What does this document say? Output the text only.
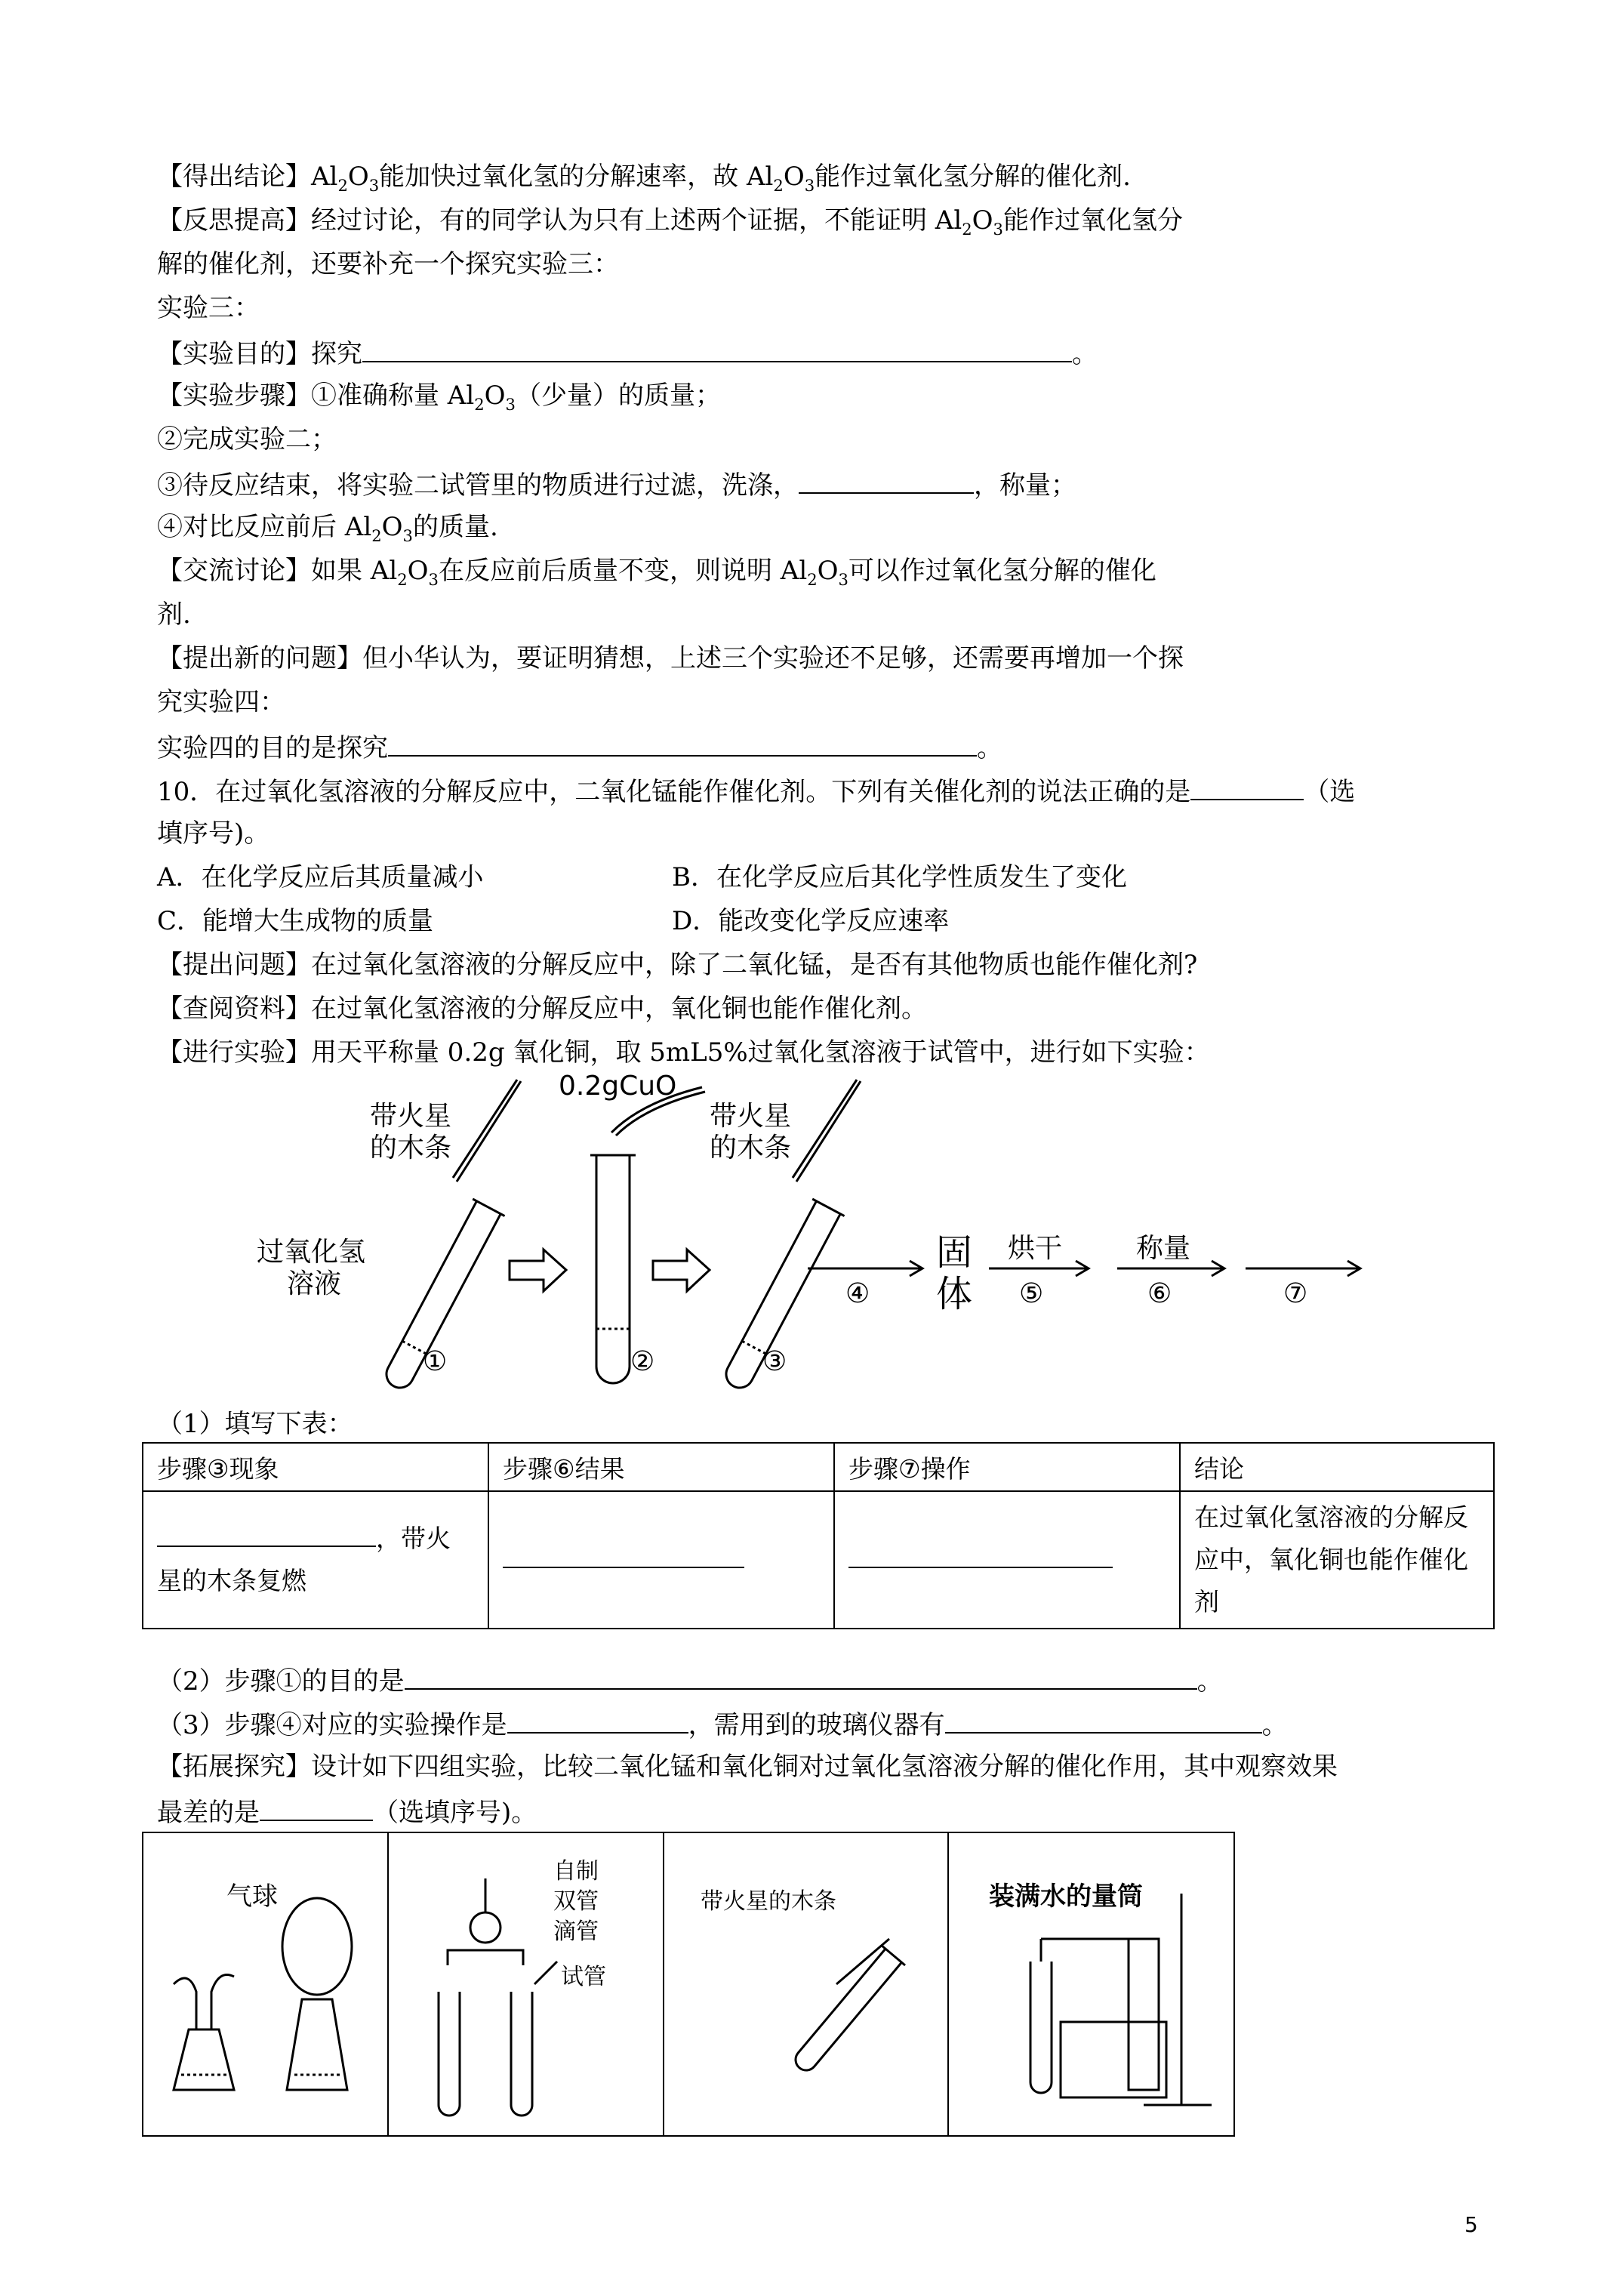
【得出结论】$Al_2O_3$能加快过氧化氢的分解速率，故 $Al_2O_3$能作过氧化氢分解的催化剂.
【反思提高】经过讨论，有的同学认为只有上述两个证据，不能证明 $Al_2O_3$能作过氧化氢分
解的催化剂，还要补充一个探究实验三：
实验三：
【实验目的】探究	。
【实验步骤】①准确称量 $Al_2O_3$（少量）的质量；
②完成实验二；
③待反应结束，将实验二试管里的物质进行过滤，洗涤，	，称量；
④对比反应前后 $Al_2O_3$的质量.
【交流讨论】如果 $Al_2O_3$在反应前后质量不变，则说明 $Al_2O_3$可以作过氧化氢分解的催化
剂.
【提出新的问题】但小华认为，要证明猜想，上述三个实验还不足够，还需要再增加一个探
究实验四：
实验四的目的是探究	。
10．在过氧化氢溶液的分解反应中，二氧化锰能作催化剂。下列有关催化剂的说法正确的是	（选
填序号)。
A．在化学反应后其质量减小	B．在化学反应后其化学性质发生了变化
C．能增大生成物的质量	D．能改变化学反应速率
【提出问题】在过氧化氢溶液的分解反应中，除了二氧化锰，是否有其他物质也能作催化剂?
【查阅资料】在过氧化氢溶液的分解反应中，氧化铜也能作催化剂。
【进行实验】用天平称量 0.2g 氧化铜，取 5mL5%过氧化氢溶液于试管中，进行如下实验：
0.2gCuO
带火星
的木条
带火星
的木条
过氧化氢
溶液
①	②	③
④
固
体
烘干
⑤
称量
⑥	⑦
（1）填写下表：
步骤③现象	步骤⑥结果	步骤⑦操作	结论
，带火
星的木条复燃			在过氧化氢溶液的分解反应中，氧化铜也能作催化剂
（2）步骤①的目的是	。
（3）步骤④对应的实验操作是	，需用到的玻璃仪器有	。
【拓展探究】设计如下四组实验，比较二氧化锰和氧化铜对过氧化氢溶液分解的催化作用，其中观察效果
最差的是	（选填序号)。
气球
自制
双管
滴管
试管
带火星的木条	装满水的量筒
5
